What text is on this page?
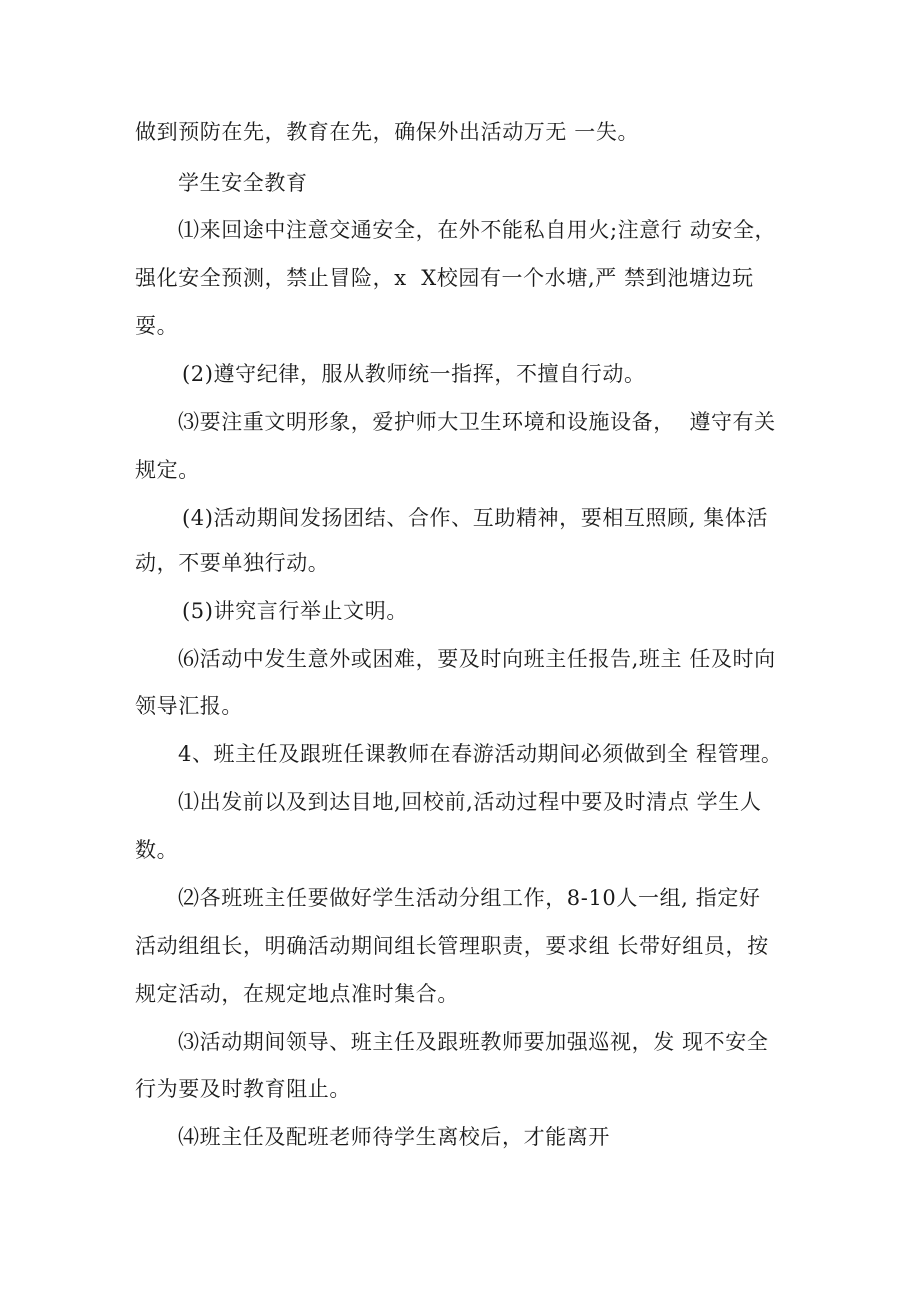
做到预防在先，教育在先，确保外出活动万无 一失。
学生安全教育
⑴来回途中注意交通安全，在外不能私自用火;注意行 动安全，
强化安全预测，禁止冒险，x  X校园有一个水塘,严 禁到池塘边玩
耍。
(2)遵守纪律，服从教师统一指挥，不擅自行动。
⑶要注重文明形象，爱护师大卫生环境和设施设备，  遵守有关
规定。
(4)活动期间发扬团结、合作、互助精神，要相互照顾, 集体活
动，不要单独行动。
(5)讲究言行举止文明。
⑹活动中发生意外或困难，要及时向班主任报告,班主 任及时向
领导汇报。
4、班主任及跟班任课教师在春游活动期间必须做到全 程管理。
⑴出发前以及到达目地,回校前,活动过程中要及时清点 学生人
数。
⑵各班班主任要做好学生活动分组工作，8-10人一组, 指定好
活动组组长，明确活动期间组长管理职责，要求组 长带好组员，按
规定活动，在规定地点准时集合。
⑶活动期间领导、班主任及跟班教师要加强巡视，发 现不安全
行为要及时教育阻止。
⑷班主任及配班老师待学生离校后，才能离开
